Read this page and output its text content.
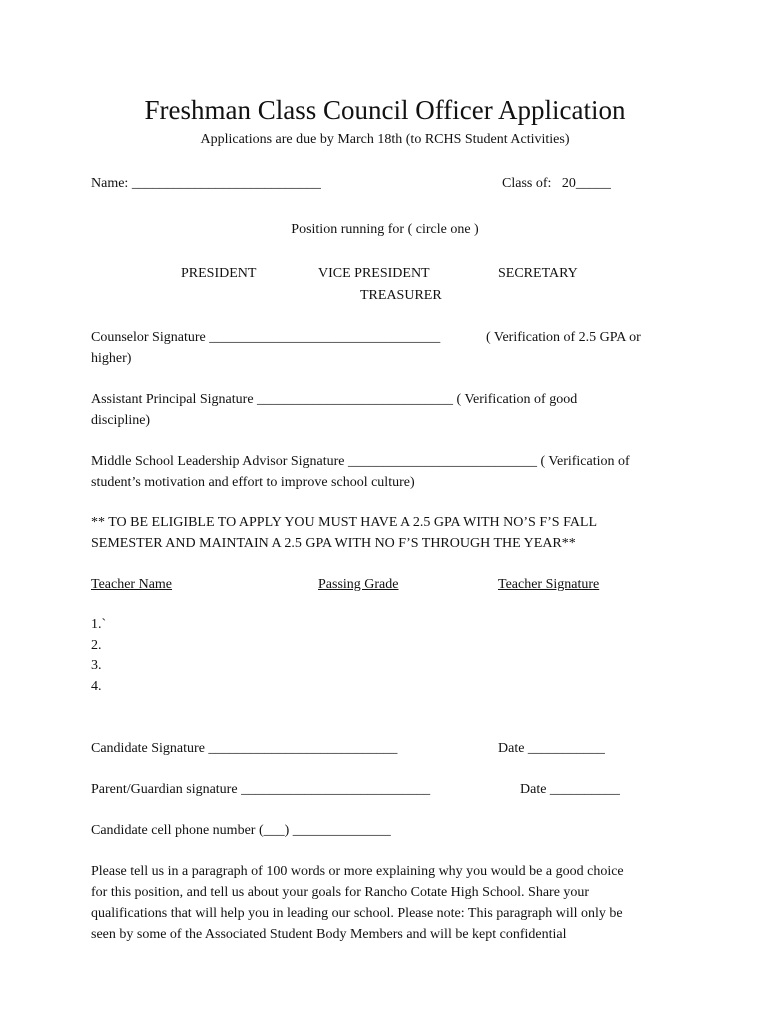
Freshman Class Council Officer Application
Applications are due by March 18th (to RCHS Student Activities)
Name: ___________________________	Class of:   20_____
Position running for ( circle one )
PRESIDENT	VICE PRESIDENT	SECRETARY
TREASURER
Counselor Signature _________________________________	( Verification of 2.5 GPA or
higher)
Assistant Principal Signature ____________________________ ( Verification of good
discipline)
Middle School Leadership Advisor Signature ___________________________ ( Verification of
student’s motivation and effort to improve school culture)
** TO BE ELIGIBLE TO APPLY YOU MUST HAVE A 2.5 GPA WITH NO’S F’S FALL
SEMESTER AND MAINTAIN A 2.5 GPA WITH NO F’S THROUGH THE YEAR**
Teacher Name	Passing Grade	Teacher Signature
1.`
2.
3.
4.
Candidate Signature ___________________________	Date ___________
Parent/Guardian signature ___________________________	Date __________
Candidate cell phone number (___) ______________
Please tell us in a paragraph of 100 words or more explaining why you would be a good choice
for this position, and tell us about your goals for Rancho Cotate High School. Share your
qualifications that will help you in leading our school. Please note: This paragraph will only be
seen by some of the Associated Student Body Members and will be kept confidential
